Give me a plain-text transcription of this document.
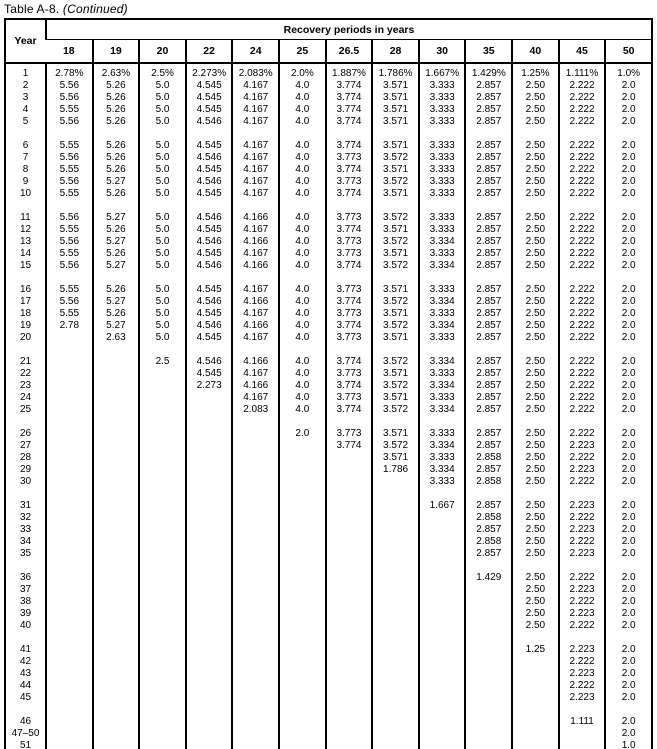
Table A-8. (Continued)
Year	Recovery periods in years												
	18	19	20	22	24	25	26.5	28	30	35	40	45	50
1	2.78%	2.63%	2.5%	2.273%	2.083%	2.0%	1.887%	1.786%	1.667%	1.429%	1.25%	1.111%	1.0%
2	5.56	5.26	5.0	4.545	4.167	4.0	3.774	3.571	3.333	2.857	2.50	2.222	2.0
3	5.56	5.26	5.0	4.545	4.167	4.0	3.774	3.571	3.333	2.857	2.50	2.222	2.0
4	5.55	5.26	5.0	4.545	4.167	4.0	3.774	3.571	3.333	2.857	2.50	2.222	2.0
5	5.56	5.26	5.0	4.546	4.167	4.0	3.774	3.571	3.333	2.857	2.50	2.222	2.0

6	5.55	5.26	5.0	4.545	4.167	4.0	3.774	3.571	3.333	2.857	2.50	2.222	2.0
7	5.56	5.26	5.0	4.546	4.167	4.0	3.773	3.572	3.333	2.857	2.50	2.222	2.0
8	5.55	5.26	5.0	4.545	4.167	4.0	3.774	3.571	3.333	2.857	2.50	2.222	2.0
9	5.56	5.27	5.0	4.546	4.167	4.0	3.773	3.572	3.333	2.857	2.50	2.222	2.0
10	5.55	5.26	5.0	4.545	4.167	4.0	3.774	3.571	3.333	2.857	2.50	2.222	2.0

11	5.56	5.27	5.0	4.546	4.166	4.0	3.773	3.572	3.333	2.857	2.50	2.222	2.0
12	5.55	5.26	5.0	4.545	4.167	4.0	3.774	3.571	3.333	2.857	2.50	2.222	2.0
13	5.56	5.27	5.0	4.546	4.166	4.0	3.773	3.572	3.334	2.857	2.50	2.222	2.0
14	5.55	5.26	5.0	4.545	4.167	4.0	3.773	3.571	3.333	2.857	2.50	2.222	2.0
15	5.56	5.27	5.0	4.546	4.166	4.0	3.774	3.572	3.334	2.857	2.50	2.222	2.0

16	5.55	5.26	5.0	4.545	4.167	4.0	3.773	3.571	3.333	2.857	2.50	2.222	2.0
17	5.56	5.27	5.0	4.546	4.166	4.0	3.774	3.572	3.334	2.857	2.50	2.222	2.0
18	5.55	5.26	5.0	4.545	4.167	4.0	3.773	3.571	3.333	2.857	2.50	2.222	2.0
19	2.78	5.27	5.0	4.546	4.166	4.0	3.774	3.572	3.334	2.857	2.50	2.222	2.0
20		2.63	5.0	4.545	4.167	4.0	3.773	3.571	3.333	2.857	2.50	2.222	2.0

21			2.5	4.546	4.166	4.0	3.774	3.572	3.334	2.857	2.50	2.222	2.0
22				4.545	4.167	4.0	3.773	3.571	3.333	2.857	2.50	2.222	2.0
23				2.273	4.166	4.0	3.774	3.572	3.334	2.857	2.50	2.222	2.0
24					4.167	4.0	3.773	3.571	3.333	2.857	2.50	2.222	2.0
25					2.083	4.0	3.774	3.572	3.334	2.857	2.50	2.222	2.0

26						2.0	3.773	3.571	3.333	2.857	2.50	2.222	2.0
27							3.774	3.572	3.334	2.857	2.50	2.223	2.0
28								3.571	3.333	2.858	2.50	2.222	2.0
29								1.786	3.334	2.857	2.50	2.223	2.0
30									3.333	2.858	2.50	2.222	2.0

31									1.667	2.857	2.50	2.223	2.0
32										2.858	2.50	2.222	2.0
33										2.857	2.50	2.223	2.0
34										2.858	2.50	2.222	2.0
35										2.857	2.50	2.223	2.0

36										1.429	2.50	2.222	2.0
37											2.50	2.223	2.0
38											2.50	2.222	2.0
39											2.50	2.223	2.0
40											2.50	2.222	2.0

41											1.25	2.223	2.0
42												2.222	2.0
43												2.223	2.0
44												2.222	2.0
45												2.223	2.0

46												1.111	2.0
47–50													2.0
51													1.0
